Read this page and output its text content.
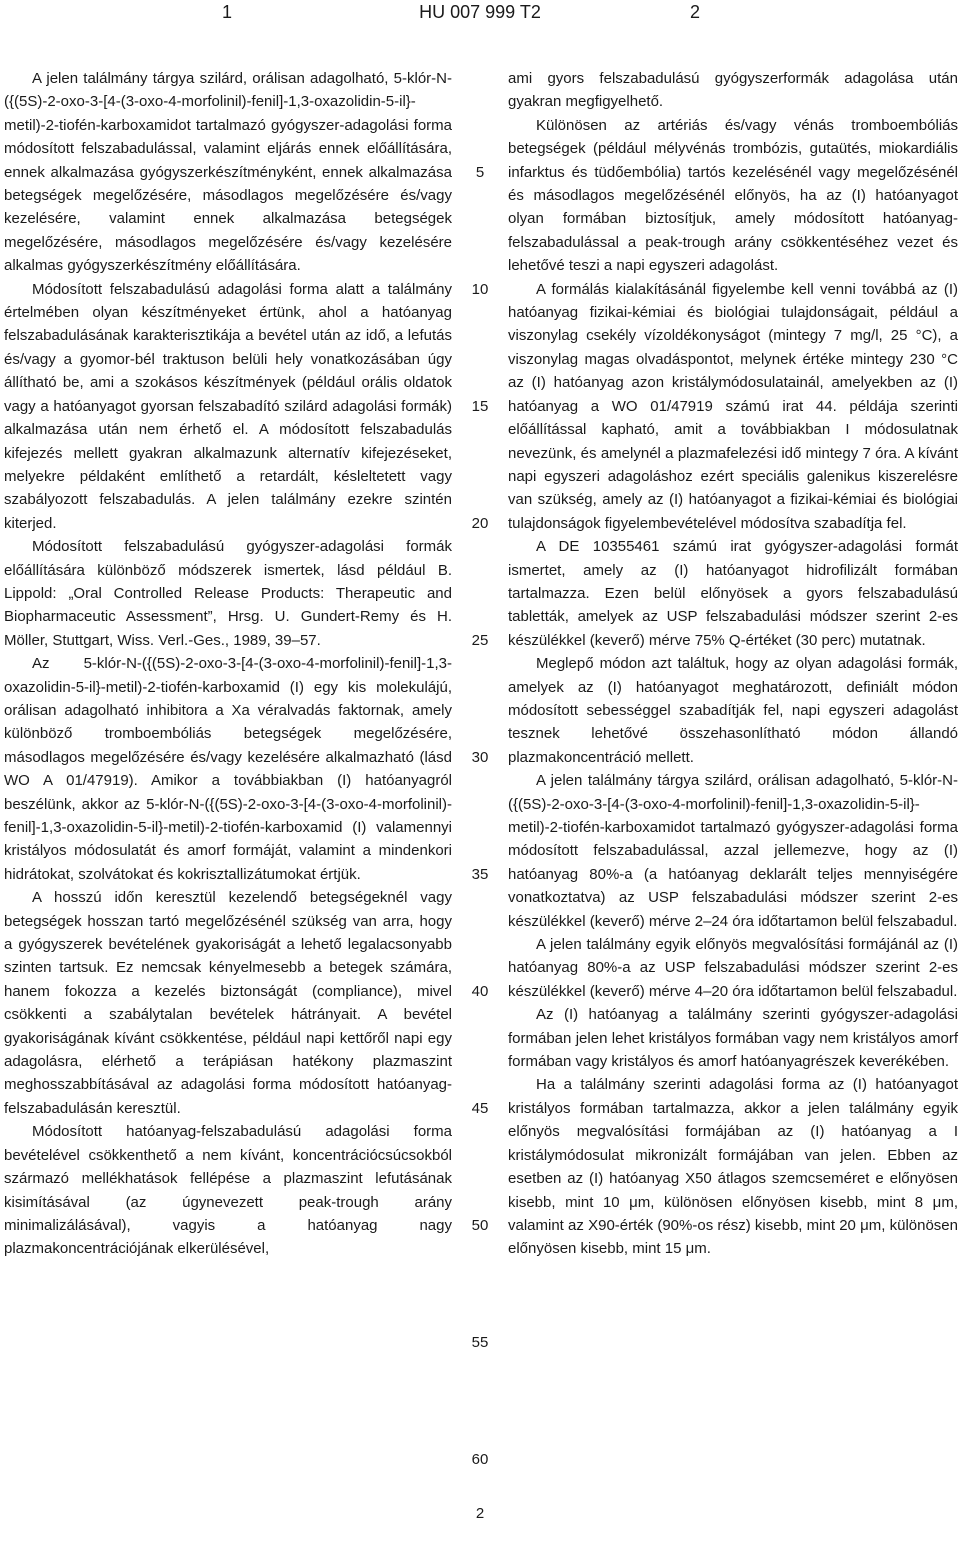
1	HU 007 999 T2	2

A jelen találmány tárgya szilárd, orálisan adagolható, 5-klór-N-({(5S)-2-oxo-3-[4-(3-oxo-4-morfolinil)-fenil]-1,3-oxazolidin-5-il}-metil)-2-tiofén-karboxamidot tartalmazó gyógyszer-adagolási forma módosított felszabadulással, valamint eljárás ennek előállítására, ennek alkalmazása gyógyszerkészítményként, ennek alkalmazása betegségek megelőzésére, másodlagos megelőzésére és/vagy kezelésére, valamint ennek alkalmazása betegségek megelőzésére, másodlagos megelőzésére és/vagy kezelésére alkalmas gyógyszerkészítmény előállítására.

Módosított felszabadulású adagolási forma alatt a találmány értelmében olyan készítményeket értünk, ahol a hatóanyag felszabadulásának karakterisztikája a bevétel után az idő, a lefutás és/vagy a gyomor-bél traktuson belüli hely vonatkozásában úgy állítható be, ami a szokásos készítmények (például orális oldatok vagy a hatóanyagot gyorsan felszabadító szilárd adagolási formák) alkalmazása után nem érhető el. A módosított felszabadulás kifejezés mellett gyakran alkalmazunk alternatív kifejezéseket, melyekre példaként említhető a retardált, késleltetett vagy szabályozott felszabadulás. A jelen találmány ezekre szintén kiterjed.

Módosított felszabadulású gyógyszer-adagolási formák előállítására különböző módszerek ismertek, lásd például B. Lippold: „Oral Controlled Release Products: Therapeutic and Biopharmaceutic Assessment”, Hrsg. U. Gundert-Remy és H. Möller, Stuttgart, Wiss. Verl.-Ges., 1989, 39–57.

Az 5-klór-N-({(5S)-2-oxo-3-[4-(3-oxo-4-morfolinil)-fenil]-1,3-oxazolidin-5-il}-metil)-2-tiofén-karboxamid (I) egy kis molekulájú, orálisan adagolható inhibitora a Xa véralvadás faktornak, amely különböző tromboembóliás betegségek megelőzésére, másodlagos megelőzésére és/vagy kezelésére alkalmazható (lásd WO A 01/47919). Amikor a továbbiakban (I) hatóanyagról beszélünk, akkor az 5-klór-N-({(5S)-2-oxo-3-[4-(3-oxo-4-morfolinil)-fenil]-1,3-oxazolidin-5-il}-metil)-2-tiofén-karboxamid (I) valamennyi kristályos módosulatát és amorf formáját, valamint a mindenkori hidrátokat, szolvátokat és kokrisztallizátumokat értjük.

A hosszú időn keresztül kezelendő betegségeknél vagy betegségek hosszan tartó megelőzésénél szükség van arra, hogy a gyógyszerek bevételének gyakoriságát a lehető legalacsonyabb szinten tartsuk. Ez nemcsak kényelmesebb a betegek számára, hanem fokozza a kezelés biztonságát (compliance), mivel csökkenti a szabálytalan bevételek hátrányait. A bevétel gyakoriságának kívánt csökkentése, például napi kettőről napi egy adagolásra, elérhető a terápiásan hatékony plazmaszint meghosszabbításával az adagolási forma módosított hatóanyag-felszabadulásán keresztül.

Módosított hatóanyag-felszabadulású adagolási forma bevételével csökkenthető a nem kívánt, koncentrációcsúcsokból származó mellékhatások fellépése a plazmaszint lefutásának kisimításával (az úgynevezett peak-trough arány minimalizálásával), vagyis a hatóanyag nagy plazmakoncentrációjának elkerülésével,

5
10
15
20
25
30
35
40
45
50
55
60

ami gyors felszabadulású gyógyszerformák adagolása után gyakran megfigyelhető.

Különösen az artériás és/vagy vénás tromboembóliás betegségek (például mélyvénás trombózis, gutaütés, miokardiális infarktus és tüdőembólia) tartós kezelésénél vagy megelőzésénél és másodlagos megelőzésénél előnyös, ha az (I) hatóanyagot olyan formában biztosítjuk, amely módosított hatóanyag-felszabadulással a peak-trough arány csökkentéséhez vezet és lehetővé teszi a napi egyszeri adagolást.

A formálás kialakításánál figyelembe kell venni továbbá az (I) hatóanyag fizikai-kémiai és biológiai tulajdonságait, például a viszonylag csekély vízoldékonyságot (mintegy 7 mg/l, 25 °C), a viszonylag magas olvadáspontot, melynek értéke mintegy 230 °C az (I) hatóanyag azon kristálymódosulatainál, amelyekben az (I) hatóanyag a WO 01/47919 számú irat 44. példája szerinti előállítással kapható, amit a továbbiakban I módosulatnak nevezünk, és amelynél a plazmafelezési idő mintegy 7 óra. A kívánt napi egyszeri adagoláshoz ezért speciális galenikus kiszerelésre van szükség, amely az (I) hatóanyagot a fizikai-kémiai és biológiai tulajdonságok figyelembevételével módosítva szabadítja fel.

A DE 10355461 számú irat gyógyszer-adagolási formát ismertet, amely az (I) hatóanyagot hidrofilizált formában tartalmazza. Ezen belül előnyösek a gyors felszabadulású tabletták, amelyek az USP felszabadulási módszer szerint 2-es készülékkel (keverő) mérve 75% Q-értéket (30 perc) mutatnak.

Meglepő módon azt találtuk, hogy az olyan adagolási formák, amelyek az (I) hatóanyagot meghatározott, definiált módon módosított sebességgel szabadítják fel, napi egyszeri adagolást tesznek lehetővé összehasonlítható módon állandó plazmakoncentráció mellett.

A jelen találmány tárgya szilárd, orálisan adagolható, 5-klór-N-({(5S)-2-oxo-3-[4-(3-oxo-4-morfolinil)-fenil]-1,3-oxazolidin-5-il}-metil)-2-tiofén-karboxamidot tartalmazó gyógyszer-adagolási forma módosított felszabadulással, azzal jellemezve, hogy az (I) hatóanyag 80%-a (a hatóanyag deklarált teljes mennyiségére vonatkoztatva) az USP felszabadulási módszer szerint 2-es készülékkel (keverő) mérve 2–24 óra időtartamon belül felszabadul.

A jelen találmány egyik előnyös megvalósítási formájánál az (I) hatóanyag 80%-a az USP felszabadulási módszer szerint 2-es készülékkel (keverő) mérve 4–20 óra időtartamon belül felszabadul.

Az (I) hatóanyag a találmány szerinti gyógyszer-adagolási formában jelen lehet kristályos formában vagy nem kristályos amorf formában vagy kristályos és amorf hatóanyagrészek keverékében.

Ha a találmány szerinti adagolási forma az (I) hatóanyagot kristályos formában tartalmazza, akkor a jelen találmány egyik előnyös megvalósítási formájában az (I) hatóanyag a I kristálymódosulat mikronizált formájában van jelen. Ebben az esetben az (I) hatóanyag X50 átlagos szemcseméret e előnyösen kisebb, mint 10 μm, különösen előnyösen kisebb, mint 8 μm, valamint az X90-érték (90%-os rész) kisebb, mint 20 μm, különösen előnyösen kisebb, mint 15 μm.

2
